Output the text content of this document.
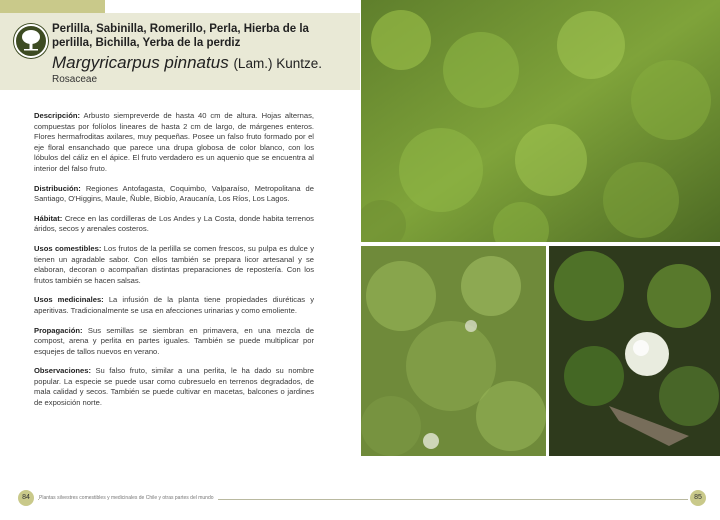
Perlilla, Sabinilla, Romerillo, Perla, Hierba de la perlilla, Bichilla, Yerba de la perdiz
Margyricarpus pinnatus (Lam.) Kuntze.
Rosaceae

Descripción: Arbusto siempreverde de hasta 40 cm de altura. Hojas alternas, compuestas por folíolos lineares de hasta 2 cm de largo, de márgenes enteros. Flores hermafroditas axilares, muy pequeñas. Posee un falso fruto formado por el eje floral ensanchado que parece una drupa globosa de color blanco, con los lóbulos del cáliz en el ápice. El fruto verdadero es un aquenio que se encuentra al interior del falso fruto.

Distribución: Regiones Antofagasta, Coquimbo, Valparaíso, Metropolitana de Santiago, O'Higgins, Maule, Ñuble, Biobío, Araucanía, Los Ríos, Los Lagos.

Hábitat: Crece en las cordilleras de Los Andes y La Costa, donde habita terrenos áridos, secos y arenales costeros.

Usos comestibles: Los frutos de la perlilla se comen frescos, su pulpa es dulce y tienen un agradable sabor. Con ellos también se prepara licor artesanal y se elaboran, decoran o acompañan distintas preparaciones de repostería. Con los frutos también se hacen salsas.

Usos medicinales: La infusión de la planta tiene propiedades diuréticas y aperitivas. Tradicionalmente se usa en afecciones urinarias y como emoliente.

Propagación: Sus semillas se siembran en primavera, en una mezcla de compost, arena y perlita en partes iguales. También se puede multiplicar por esquejes de tallos nuevos en verano.

Observaciones: Su falso fruto, similar a una perlita, le ha dado su nombre popular. La especie se puede usar como cubresuelo en terrenos degradados, de mala calidad y secos. También se puede cultivar en macetas, balcones o jardines de exposición norte.

84	Plantas silvestres comestibles y medicinales de Chile y otras partes del mundo	85
